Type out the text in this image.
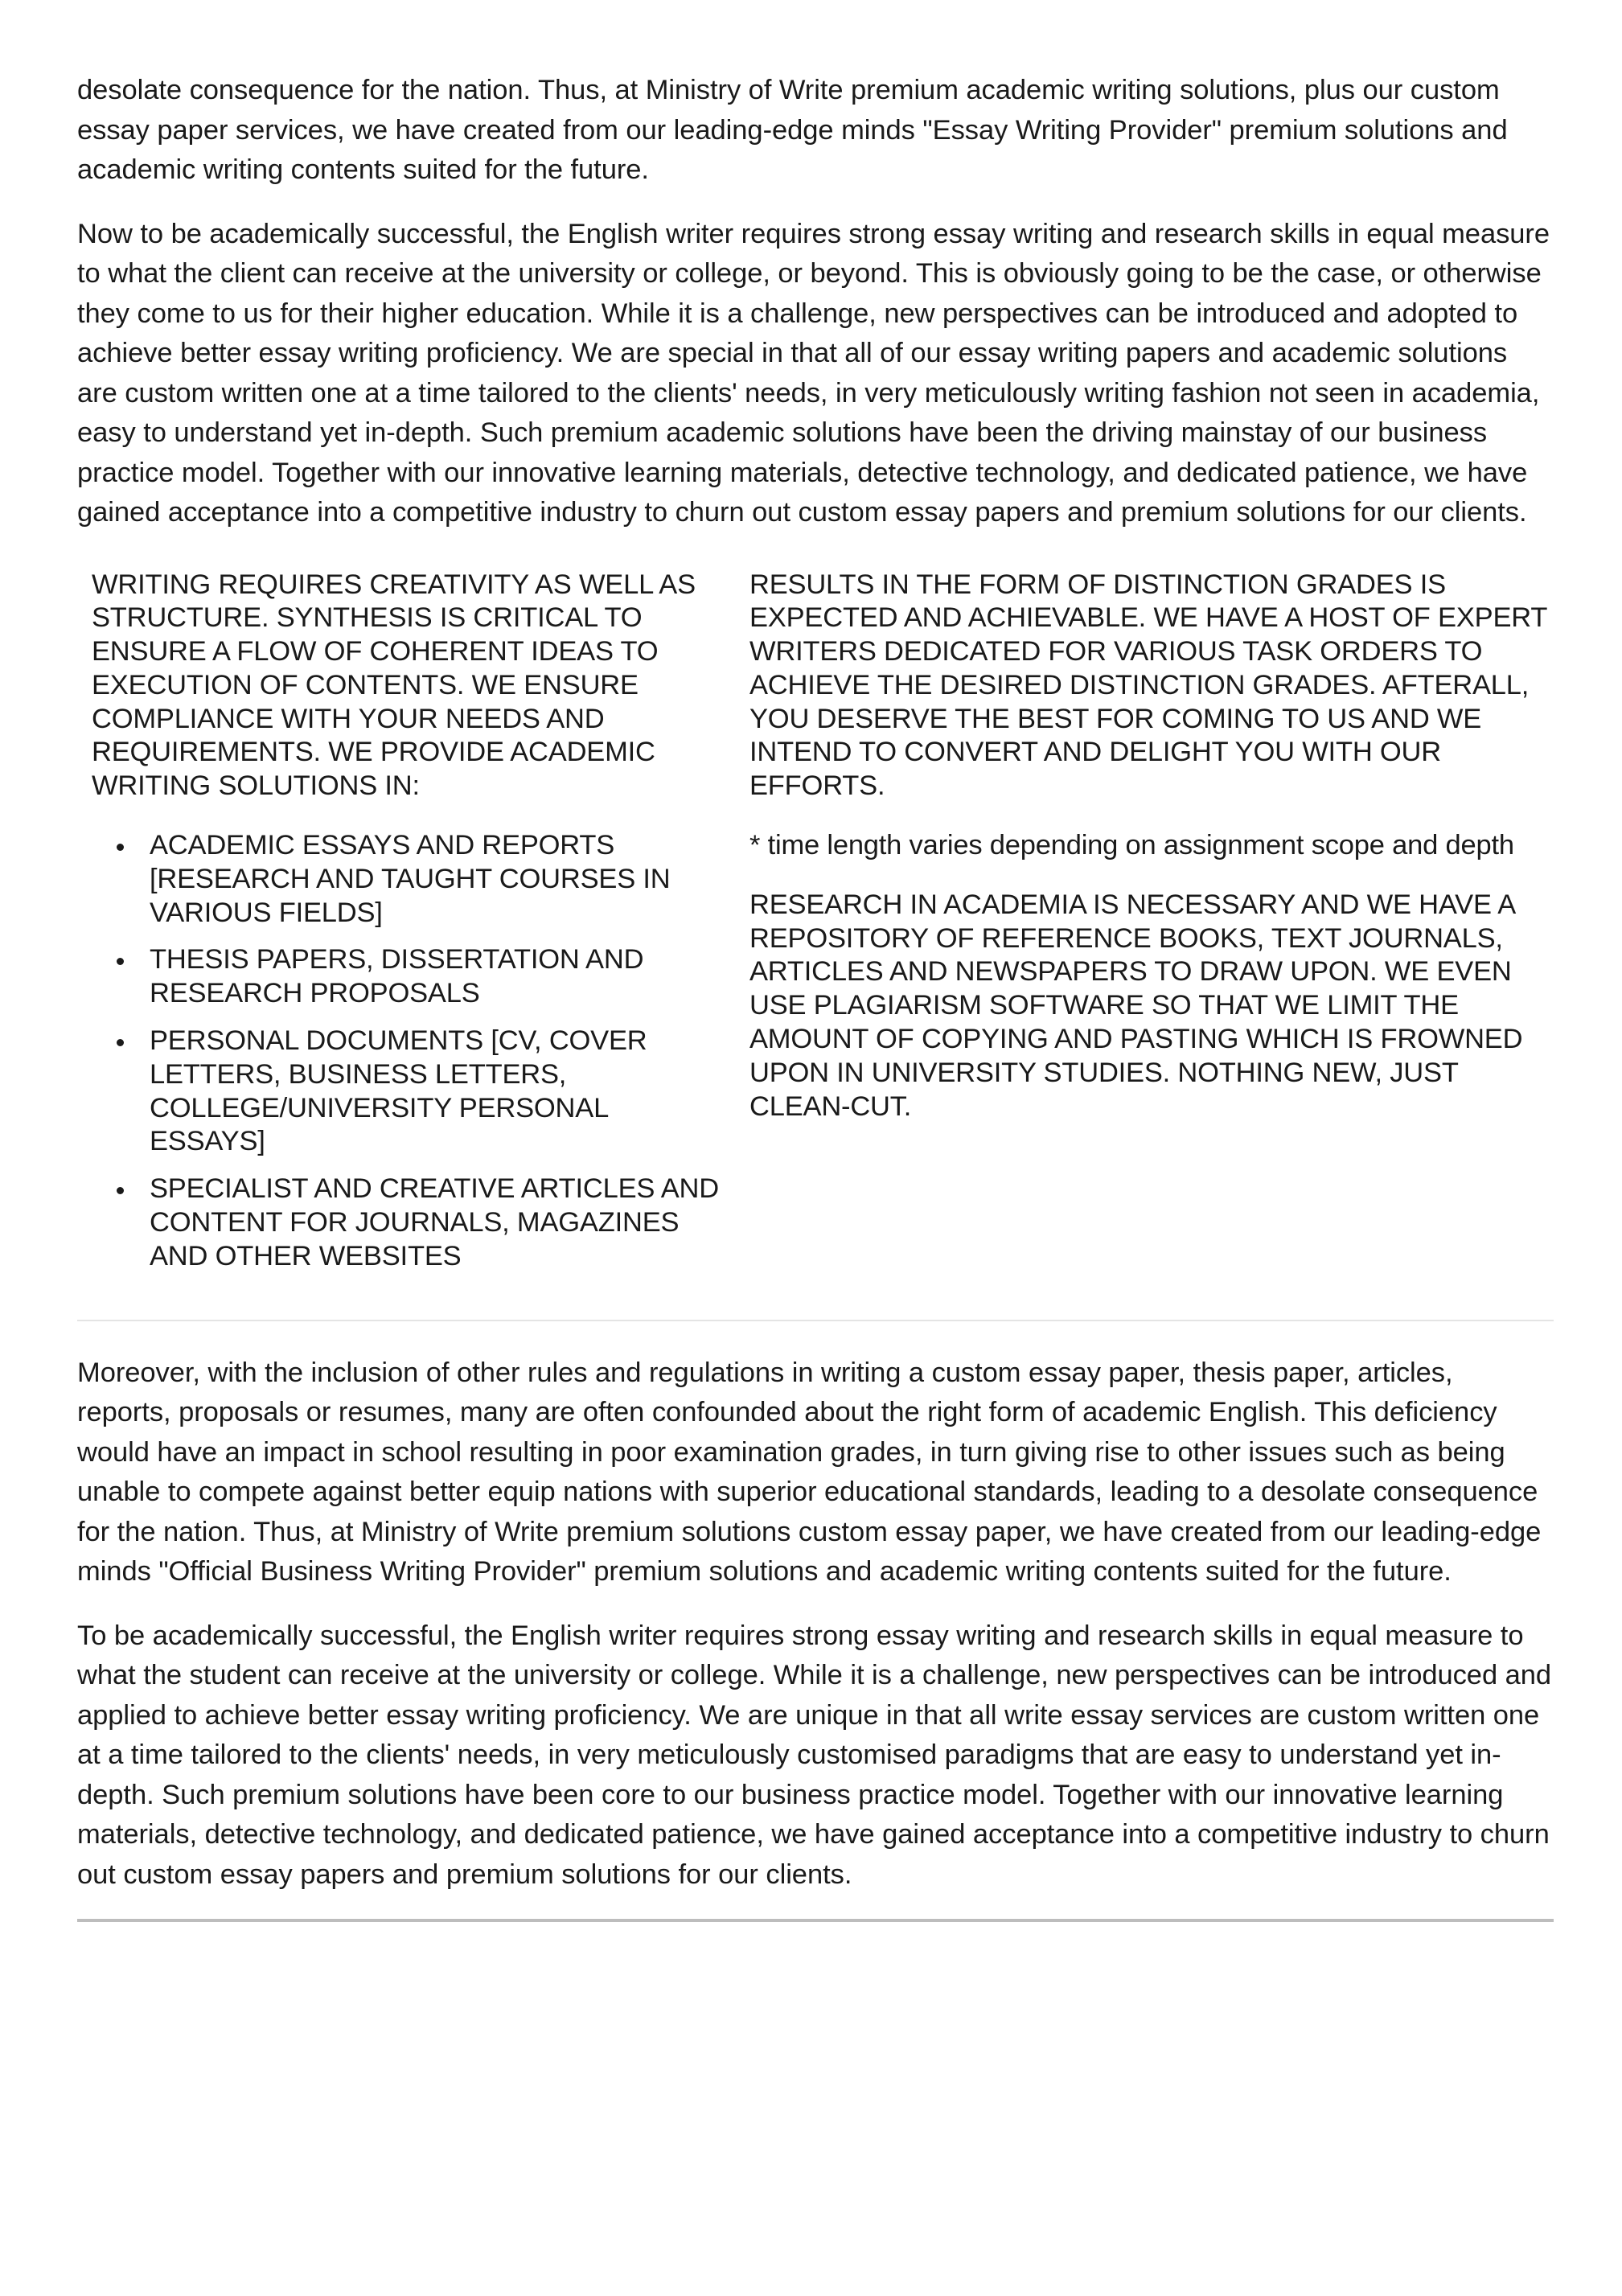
desolate consequence for the nation. Thus, at Ministry of Write premium academic writing solutions, plus our custom essay paper services, we have created from our leading-edge minds "Essay Writing Provider" premium solutions and academic writing contents suited for the future.

Now to be academically successful, the English writer requires strong essay writing and research skills in equal measure to what the client can receive at the university or college, or beyond. This is obviously going to be the case, or otherwise they come to us for their higher education. While it is a challenge, new perspectives can be introduced and adopted to achieve better essay writing proficiency. We are special in that all of our essay writing papers and academic solutions are custom written one at a time tailored to the clients' needs, in very meticulously writing fashion not seen in academia, easy to understand yet in-depth. Such premium academic solutions have been the driving mainstay of our business practice model. Together with our innovative learning materials, detective technology, and dedicated patience, we have gained acceptance into a competitive industry to churn out custom essay papers and premium solutions for our clients.

WRITING REQUIRES CREATIVITY AS WELL AS STRUCTURE. SYNTHESIS IS CRITICAL TO ENSURE A FLOW OF COHERENT IDEAS TO EXECUTION OF CONTENTS. WE ENSURE COMPLIANCE WITH YOUR NEEDS AND REQUIREMENTS. WE PROVIDE ACADEMIC WRITING SOLUTIONS IN:

ACADEMIC ESSAYS AND REPORTS [RESEARCH AND TAUGHT COURSES IN VARIOUS FIELDS]
THESIS PAPERS, DISSERTATION AND RESEARCH PROPOSALS
PERSONAL DOCUMENTS [CV, COVER LETTERS, BUSINESS LETTERS, COLLEGE/UNIVERSITY PERSONAL ESSAYS]
SPECIALIST AND CREATIVE ARTICLES AND CONTENT FOR JOURNALS, MAGAZINES AND OTHER WEBSITES

RESULTS IN THE FORM OF DISTINCTION GRADES IS EXPECTED AND ACHIEVABLE. WE HAVE A HOST OF EXPERT WRITERS DEDICATED FOR VARIOUS TASK ORDERS TO ACHIEVE THE DESIRED DISTINCTION GRADES. AFTERALL, YOU DESERVE THE BEST FOR COMING TO US AND WE INTEND TO CONVERT AND DELIGHT YOU WITH OUR EFFORTS.

* time length varies depending on assignment scope and depth

RESEARCH IN ACADEMIA IS NECESSARY AND WE HAVE A REPOSITORY OF REFERENCE BOOKS, TEXT JOURNALS, ARTICLES AND NEWSPAPERS TO DRAW UPON. WE EVEN USE PLAGIARISM SOFTWARE SO THAT WE LIMIT THE AMOUNT OF COPYING AND PASTING WHICH IS FROWNED UPON IN UNIVERSITY STUDIES. NOTHING NEW, JUST CLEAN-CUT.

Moreover, with the inclusion of other rules and regulations in writing a custom essay paper, thesis paper, articles, reports, proposals or resumes, many are often confounded about the right form of academic English. This deficiency would have an impact in school resulting in poor examination grades, in turn giving rise to other issues such as being unable to compete against better equip nations with superior educational standards, leading to a desolate consequence for the nation. Thus, at Ministry of Write premium solutions custom essay paper, we have created from our leading-edge minds "Official Business Writing Provider" premium solutions and academic writing contents suited for the future.

To be academically successful, the English writer requires strong essay writing and research skills in equal measure to what the student can receive at the university or college. While it is a challenge, new perspectives can be introduced and applied to achieve better essay writing proficiency. We are unique in that all write essay services are custom written one at a time tailored to the clients' needs, in very meticulously customised paradigms that are easy to understand yet in-depth. Such premium solutions have been core to our business practice model. Together with our innovative learning materials, detective technology, and dedicated patience, we have gained acceptance into a competitive industry to churn out custom essay papers and premium solutions for our clients.
